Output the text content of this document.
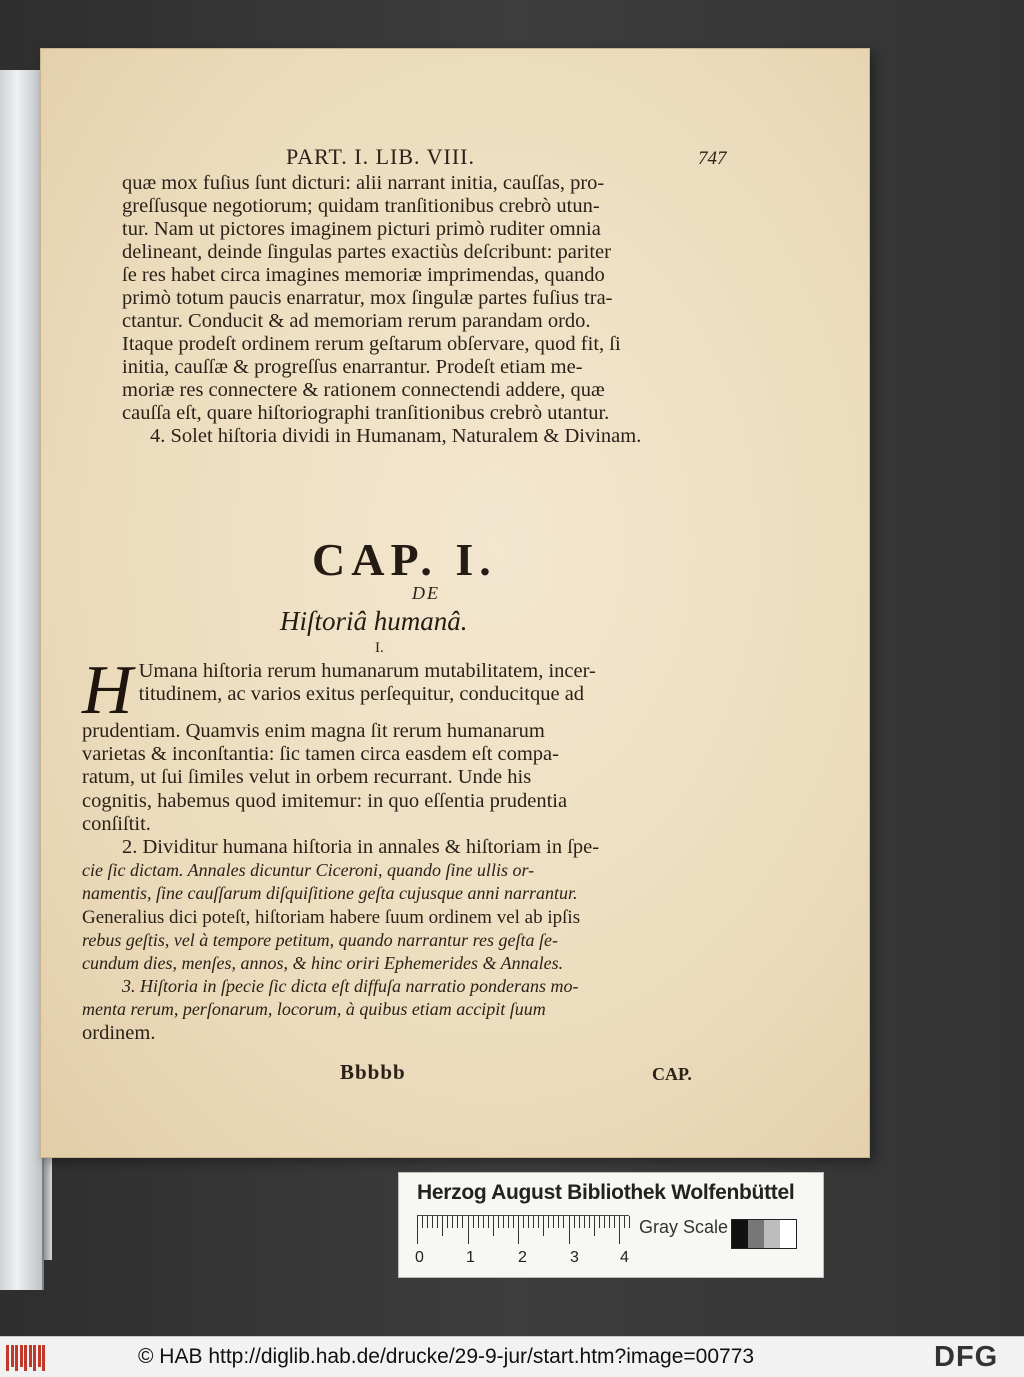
PART. I. LIB. VIII.	747
quæ mox fuſius ſunt dicturi: alii narrant initia, cauſſas, pro-
greſſusque negotiorum; quidam tranſitionibus crebrò utun-
tur. Nam ut pictores imaginem picturi primò ruditer omnia
delineant, deinde ſingulas partes exactiùs deſcribunt: pariter
ſe res habet circa imagines memoriæ imprimendas, quando
primò totum paucis enarratur, mox ſingulæ partes fuſius tra-
ctantur. Conducit & ad memoriam rerum parandam ordo.
Itaque prodeſt ordinem rerum geſtarum obſervare, quod fit, ſi
initia, cauſſæ & progreſſus enarrantur. Prodeſt etiam me-
moriæ res connectere & rationem connectendi addere, quæ
cauſſa eſt, quare hiſtoriographi tranſitionibus crebrò utantur.
4. Solet hiſtoria dividi in Humanam, Naturalem & Divinam.
CAP. I.
DE
Hiſtoriâ humanâ.
I.
H Umana hiſtoria rerum humanarum mutabilitatem, incer-
titudinem, ac varios exitus perſequitur, conducitque ad
prudentiam. Quamvis enim magna ſit rerum humanarum
varietas & inconſtantia: ſic tamen circa easdem eſt compa-
ratum, ut ſui ſimiles velut in orbem recurrant. Unde his
cognitis, habemus quod imitemur: in quo eſſentia prudentia
conſiſtit.
2. Dividitur humana hiſtoria in annales & hiſtoriam in ſpe-
cie ſic dictam. Annales dicuntur Ciceroni, quando ſine ullis or-
namentis, ſine cauſſarum diſquiſitione geſta cujusque anni narrantur.
Generalius dici poteſt, hiſtoriam habere ſuum ordinem vel ab ipſis
rebus geſtis, vel à tempore petitum, quando narrantur res geſta ſe-
cundum dies, menſes, annos, & hinc oriri Ephemerides & Annales.
3. Hiſtoria in ſpecie ſic dicta eſt diffuſa narratio ponderans mo-
menta rerum, perſonarum, locorum, à quibus etiam accipit ſuum
ordinem.
Bbbbb	CAP.
Herzog August Bibliothek Wolfenbüttel
0	1	2	3	4
Gray Scale
© HAB http://diglib.hab.de/drucke/29-9-jur/start.htm?image=00773	DFG
